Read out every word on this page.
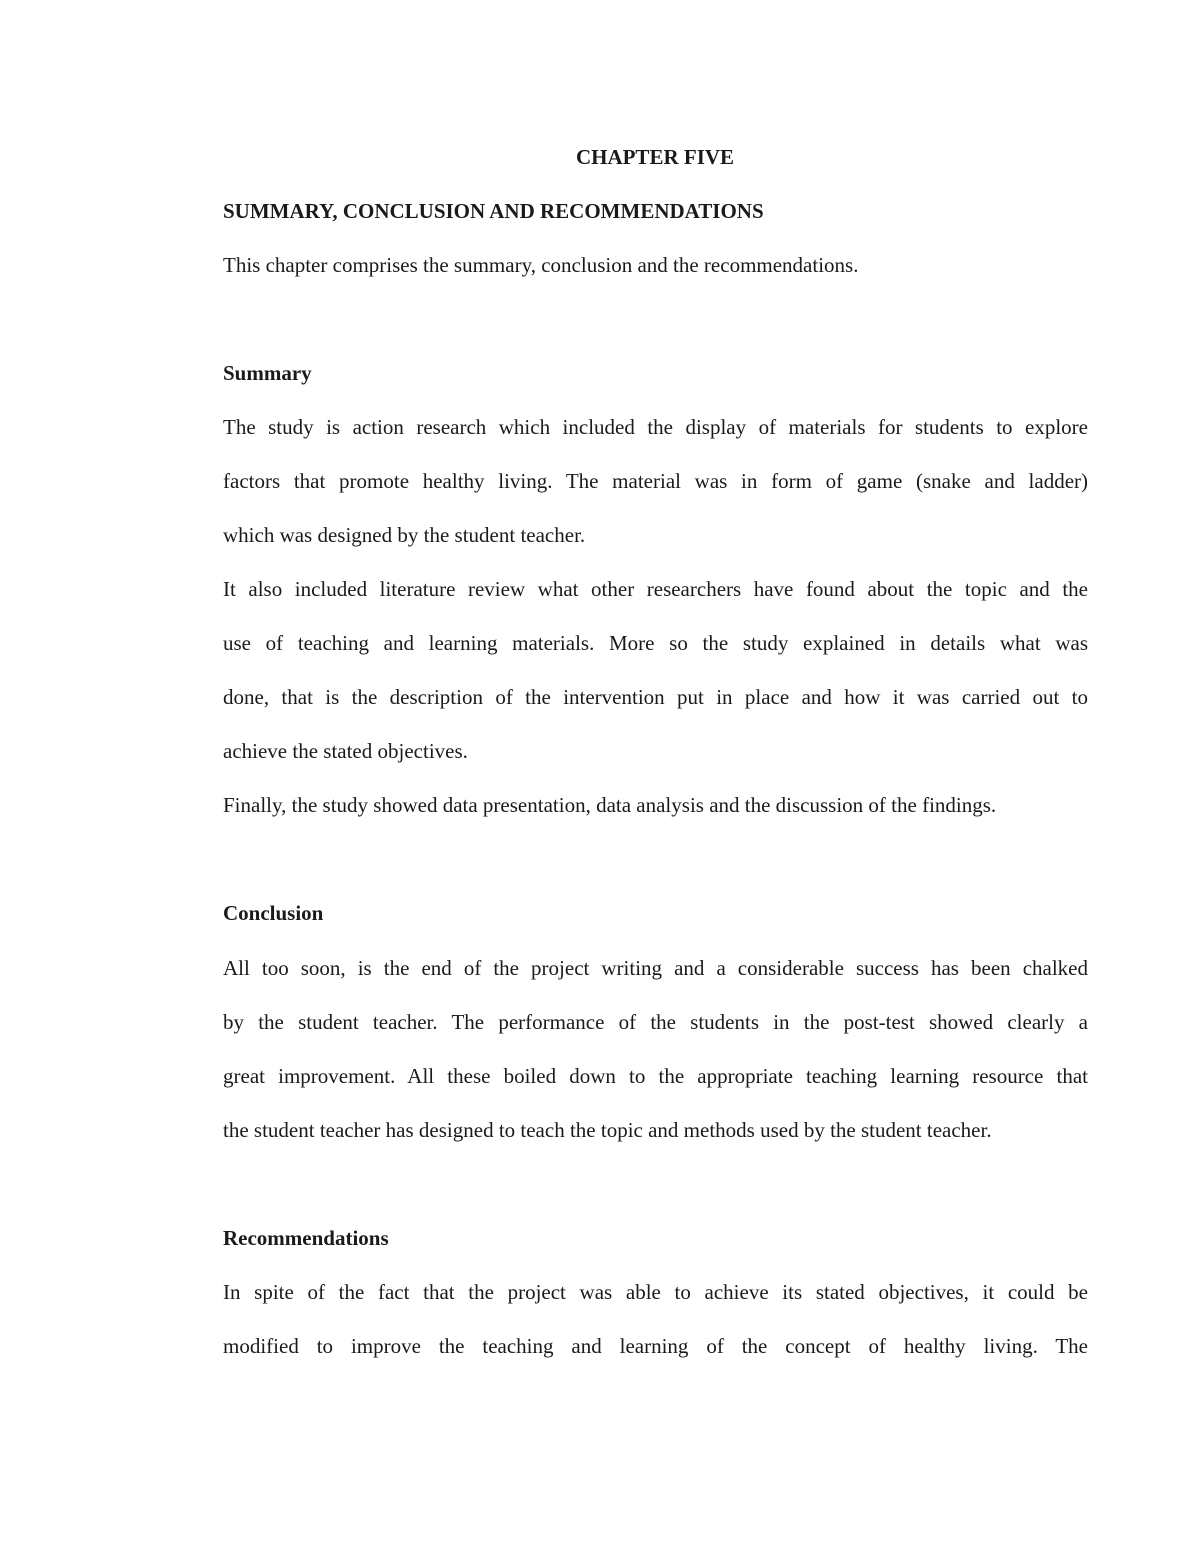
CHAPTER FIVE

SUMMARY, CONCLUSION AND RECOMMENDATIONS

This chapter comprises the summary, conclusion and the recommendations.

Summary

The study is action research which included the display of materials for students to explore

factors that promote healthy living. The material was in form of game (snake and ladder)

which was designed by the student teacher.

It also included literature review what other researchers have found about the topic and the

use of teaching and learning materials. More so the study explained in details what was

done, that is the description of the intervention put in place and how it was carried out to

achieve the stated objectives.

Finally, the study showed data presentation, data analysis and the discussion of the findings.

Conclusion

All too soon, is the end of the project writing and a considerable success has been chalked

by the student teacher. The performance of the students in the post-test showed clearly a

great improvement. All these boiled down to the appropriate teaching learning resource that

the student teacher has designed to teach the topic and methods used by the student teacher.

Recommendations

In spite of the fact that the project was able to achieve its stated objectives, it could be

modified to improve the teaching and learning of the concept of healthy living. The
